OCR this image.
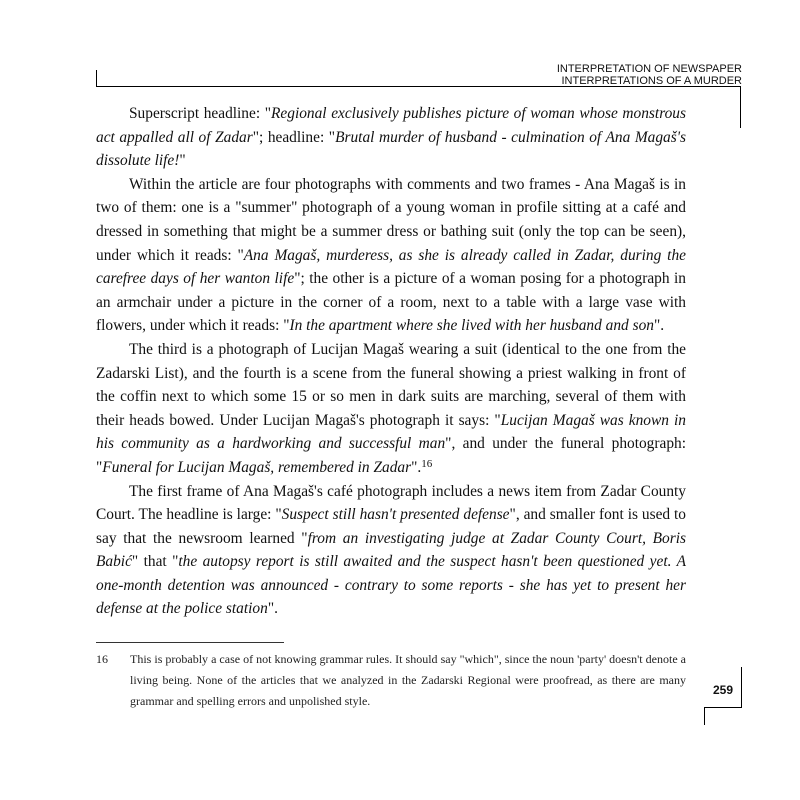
INTERPRETATION OF NEWSPAPER
INTERPRETATIONS OF A MURDER

Superscript headline: "Regional exclusively publishes picture of woman whose monstrous act appalled all of Zadar"; headline: "Brutal murder of husband - culmination of Ana Magaš's dissolute life!"

Within the article are four photographs with comments and two frames - Ana Magaš is in two of them: one is a "summer" photograph of a young woman in profile sitting at a café and dressed in something that might be a summer dress or bathing suit (only the top can be seen), under which it reads: "Ana Magaš, murderess, as she is already called in Zadar, during the carefree days of her wanton life"; the other is a picture of a woman posing for a photograph in an armchair under a picture in the corner of a room, next to a table with a large vase with flowers, under which it reads: "In the apartment where she lived with her husband and son".

The third is a photograph of Lucijan Magaš wearing a suit (identical to the one from the Zadarski List), and the fourth is a scene from the funeral showing a priest walking in front of the coffin next to which some 15 or so men in dark suits are marching, several of them with their heads bowed. Under Lucijan Magaš's photograph it says: "Lucijan Magaš was known in his community as a hardworking and successful man", and under the funeral photograph: "Funeral for Lucijan Magaš, remembered in Zadar".$^{16}$

The first frame of Ana Magaš's café photograph includes a news item from Zadar County Court. The headline is large: "Suspect still hasn't presented defense", and smaller font is used to say that the newsroom learned "from an investigating judge at Zadar County Court, Boris Babić" that "the autopsy report is still awaited and the suspect hasn't been questioned yet. A one-month detention was announced - contrary to some reports - she has yet to present her defense at the police station".

16 This is probably a case of not knowing grammar rules. It should say "which", since the noun 'party' doesn't denote a living being. None of the articles that we analyzed in the Zadarski Regional were proofread, as there are many grammar and spelling errors and unpolished style.
259
